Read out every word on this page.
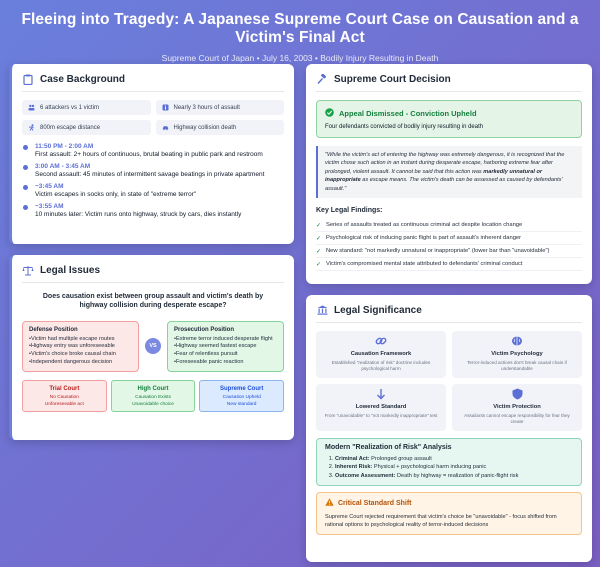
Fleeing into Tragedy: A Japanese Supreme Court Case on Causation and a Victim's Final Act
Supreme Court of Japan • July 16, 2003 • Bodily Injury Resulting in Death
Case Background
6 attackers vs 1 victim	Nearly 3 hours of assault
800m escape distance	Highway collision death
11:50 PM - 2:00 AM
First assault: 2+ hours of continuous, brutal beating in public park and restroom
3:00 AM - 3:45 AM
Second assault: 45 minutes of intermittent savage beatings in private apartment
~3:45 AM
Victim escapes in socks only, in state of "extreme terror"
~3:55 AM
10 minutes later: Victim runs onto highway, struck by cars, dies instantly
Legal Issues
Does causation exist between group assault and victim's death by highway collision during desperate escape?
Defense Position
• Victim had multiple escape routes
• Highway entry was unforeseeable
• Victim's choice broke causal chain
• Independent dangerous decision
VS
Prosecution Position
• Extreme terror induced desperate flight
• Highway seemed fastest escape
• Fear of relentless pursuit
• Foreseeable panic reaction
Trial Court
No Causation
Unforeseeable act
High Court
Causation Exists
Unavoidable choice
Supreme Court
Causation Upheld
New standard
Supreme Court Decision
Appeal Dismissed - Conviction Upheld
Four defendants convicted of bodily injury resulting in death
"While the victim's act of entering the highway was extremely dangerous, it is recognized that the victim chose such action in an instant during desperate escape, harboring extreme fear after prolonged, violent assault. It cannot be said that this action was markedly unnatural or inappropriate as escape means. The victim's death can be assessed as caused by defendants' assault."
Key Legal Findings:
✓ Series of assaults treated as continuous criminal act despite location change
✓ Psychological risk of inducing panic flight is part of assault's inherent danger
✓ New standard: "not markedly unnatural or inappropriate" (lower bar than "unavoidable")
✓ Victim's compromised mental state attributed to defendants' criminal conduct
Legal Significance
Causation Framework
Established "realization of risk" doctrine includes psychological harm
Victim Psychology
Terror-induced actions don't break causal chain if understandable
Lowered Standard
From "unavoidable" to "not markedly inappropriate" test
Victim Protection
Assailants cannot escape responsibility for fear they create
Modern "Realization of Risk" Analysis
1. Criminal Act: Prolonged group assault
2. Inherent Risk: Physical + psychological harm inducing panic
3. Outcome Assessment: Death by highway = realization of panic-flight risk
Critical Standard Shift

Supreme Court rejected requirement that victim's choice be "unavoidable" - focus shifted from rational options to psychological reality of terror-induced decisions
